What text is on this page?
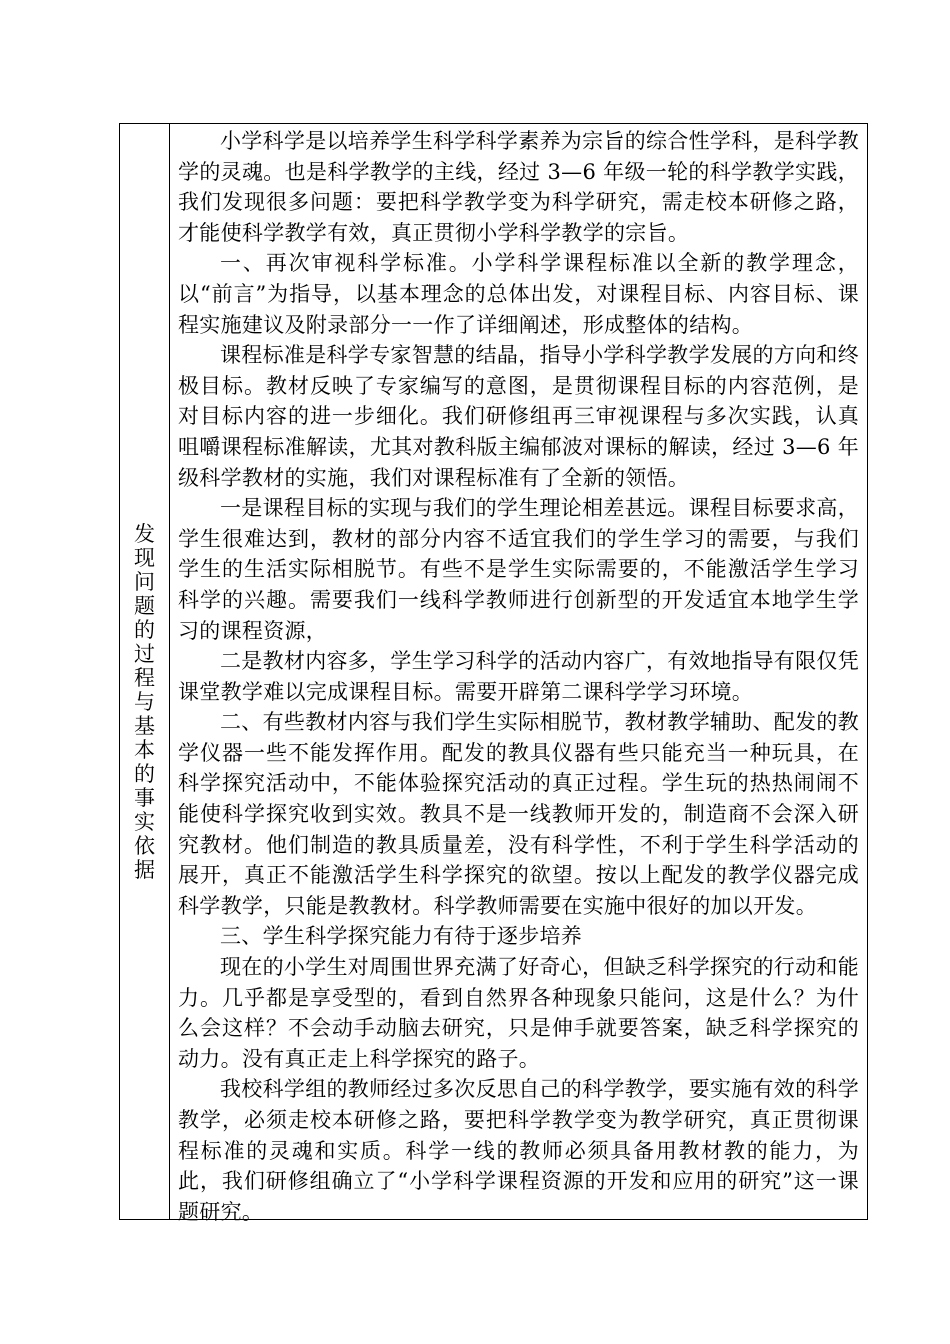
发
现
问
题
的
过
程
与
基
本
的
事
实
依
据

小学科学是以培养学生科学科学素养为宗旨的综合性学科，是科学教学的灵魂。也是科学教学的主线，经过 3—6 年级一轮的科学教学实践，我们发现很多问题：要把科学教学变为科学研究，需走校本研修之路，才能使科学教学有效，真正贯彻小学科学教学的宗旨。

一、再次审视科学标准。小学科学课程标准以全新的教学理念，以“前言”为指导，以基本理念的总体出发，对课程目标、内容目标、课程实施建议及附录部分一一作了详细阐述，形成整体的结构。

课程标准是科学专家智慧的结晶，指导小学科学教学发展的方向和终极目标。教材反映了专家编写的意图，是贯彻课程目标的内容范例，是对目标内容的进一步细化。我们研修组再三审视课程与多次实践，认真咀嚼课程标准解读，尤其对教科版主编郁波对课标的解读，经过 3—6 年级科学教材的实施，我们对课程标准有了全新的领悟。

一是课程目标的实现与我们的学生理论相差甚远。课程目标要求高，学生很难达到，教材的部分内容不适宜我们的学生学习的需要，与我们学生的生活实际相脱节。有些不是学生实际需要的，不能激活学生学习科学的兴趣。需要我们一线科学教师进行创新型的开发适宜本地学生学习的课程资源，

二是教材内容多，学生学习科学的活动内容广，有效地指导有限仅凭课堂教学难以完成课程目标。需要开辟第二课科学学习环境。

二、有些教材内容与我们学生实际相脱节，教材教学辅助、配发的教学仪器一些不能发挥作用。配发的教具仪器有些只能充当一种玩具，在科学探究活动中，不能体验探究活动的真正过程。学生玩的热热闹闹不能使科学探究收到实效。教具不是一线教师开发的，制造商不会深入研究教材。他们制造的教具质量差，没有科学性，不利于学生科学活动的展开，真正不能激活学生科学探究的欲望。按以上配发的教学仪器完成科学教学，只能是教教材。科学教师需要在实施中很好的加以开发。

三、学生科学探究能力有待于逐步培养

现在的小学生对周围世界充满了好奇心，但缺乏科学探究的行动和能力。几乎都是享受型的，看到自然界各种现象只能问，这是什么？为什么会这样？不会动手动脑去研究，只是伸手就要答案，缺乏科学探究的动力。没有真正走上科学探究的路子。

我校科学组的教师经过多次反思自己的科学教学，要实施有效的科学教学，必须走校本研修之路，要把科学教学变为教学研究，真正贯彻课程标准的灵魂和实质。科学一线的教师必须具备用教材教的能力，为此，我们研修组确立了“小学科学课程资源的开发和应用的研究”这一课题研究。
